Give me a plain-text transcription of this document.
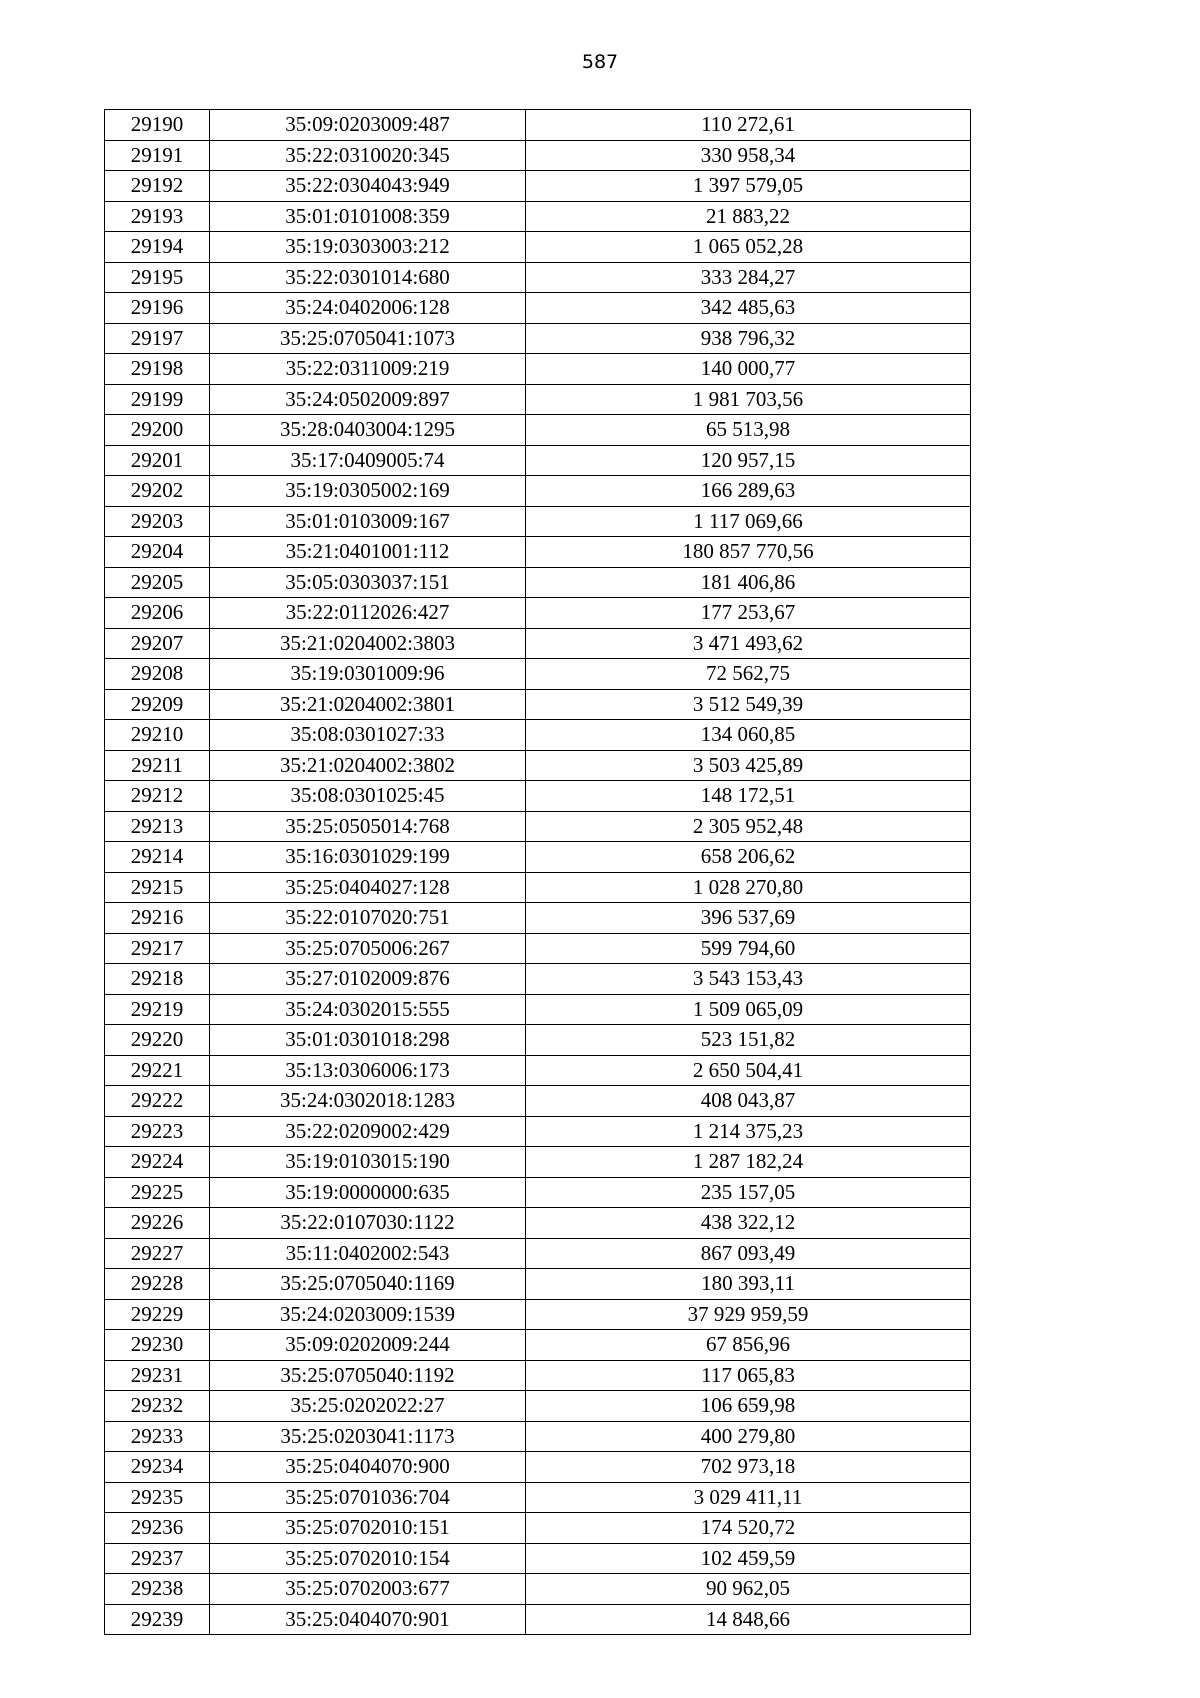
587
29190	35:09:0203009:487	110 272,61
29191	35:22:0310020:345	330 958,34
29192	35:22:0304043:949	1 397 579,05
29193	35:01:0101008:359	21 883,22
29194	35:19:0303003:212	1 065 052,28
29195	35:22:0301014:680	333 284,27
29196	35:24:0402006:128	342 485,63
29197	35:25:0705041:1073	938 796,32
29198	35:22:0311009:219	140 000,77
29199	35:24:0502009:897	1 981 703,56
29200	35:28:0403004:1295	65 513,98
29201	35:17:0409005:74	120 957,15
29202	35:19:0305002:169	166 289,63
29203	35:01:0103009:167	1 117 069,66
29204	35:21:0401001:112	180 857 770,56
29205	35:05:0303037:151	181 406,86
29206	35:22:0112026:427	177 253,67
29207	35:21:0204002:3803	3 471 493,62
29208	35:19:0301009:96	72 562,75
29209	35:21:0204002:3801	3 512 549,39
29210	35:08:0301027:33	134 060,85
29211	35:21:0204002:3802	3 503 425,89
29212	35:08:0301025:45	148 172,51
29213	35:25:0505014:768	2 305 952,48
29214	35:16:0301029:199	658 206,62
29215	35:25:0404027:128	1 028 270,80
29216	35:22:0107020:751	396 537,69
29217	35:25:0705006:267	599 794,60
29218	35:27:0102009:876	3 543 153,43
29219	35:24:0302015:555	1 509 065,09
29220	35:01:0301018:298	523 151,82
29221	35:13:0306006:173	2 650 504,41
29222	35:24:0302018:1283	408 043,87
29223	35:22:0209002:429	1 214 375,23
29224	35:19:0103015:190	1 287 182,24
29225	35:19:0000000:635	235 157,05
29226	35:22:0107030:1122	438 322,12
29227	35:11:0402002:543	867 093,49
29228	35:25:0705040:1169	180 393,11
29229	35:24:0203009:1539	37 929 959,59
29230	35:09:0202009:244	67 856,96
29231	35:25:0705040:1192	117 065,83
29232	35:25:0202022:27	106 659,98
29233	35:25:0203041:1173	400 279,80
29234	35:25:0404070:900	702 973,18
29235	35:25:0701036:704	3 029 411,11
29236	35:25:0702010:151	174 520,72
29237	35:25:0702010:154	102 459,59
29238	35:25:0702003:677	90 962,05
29239	35:25:0404070:901	14 848,66
